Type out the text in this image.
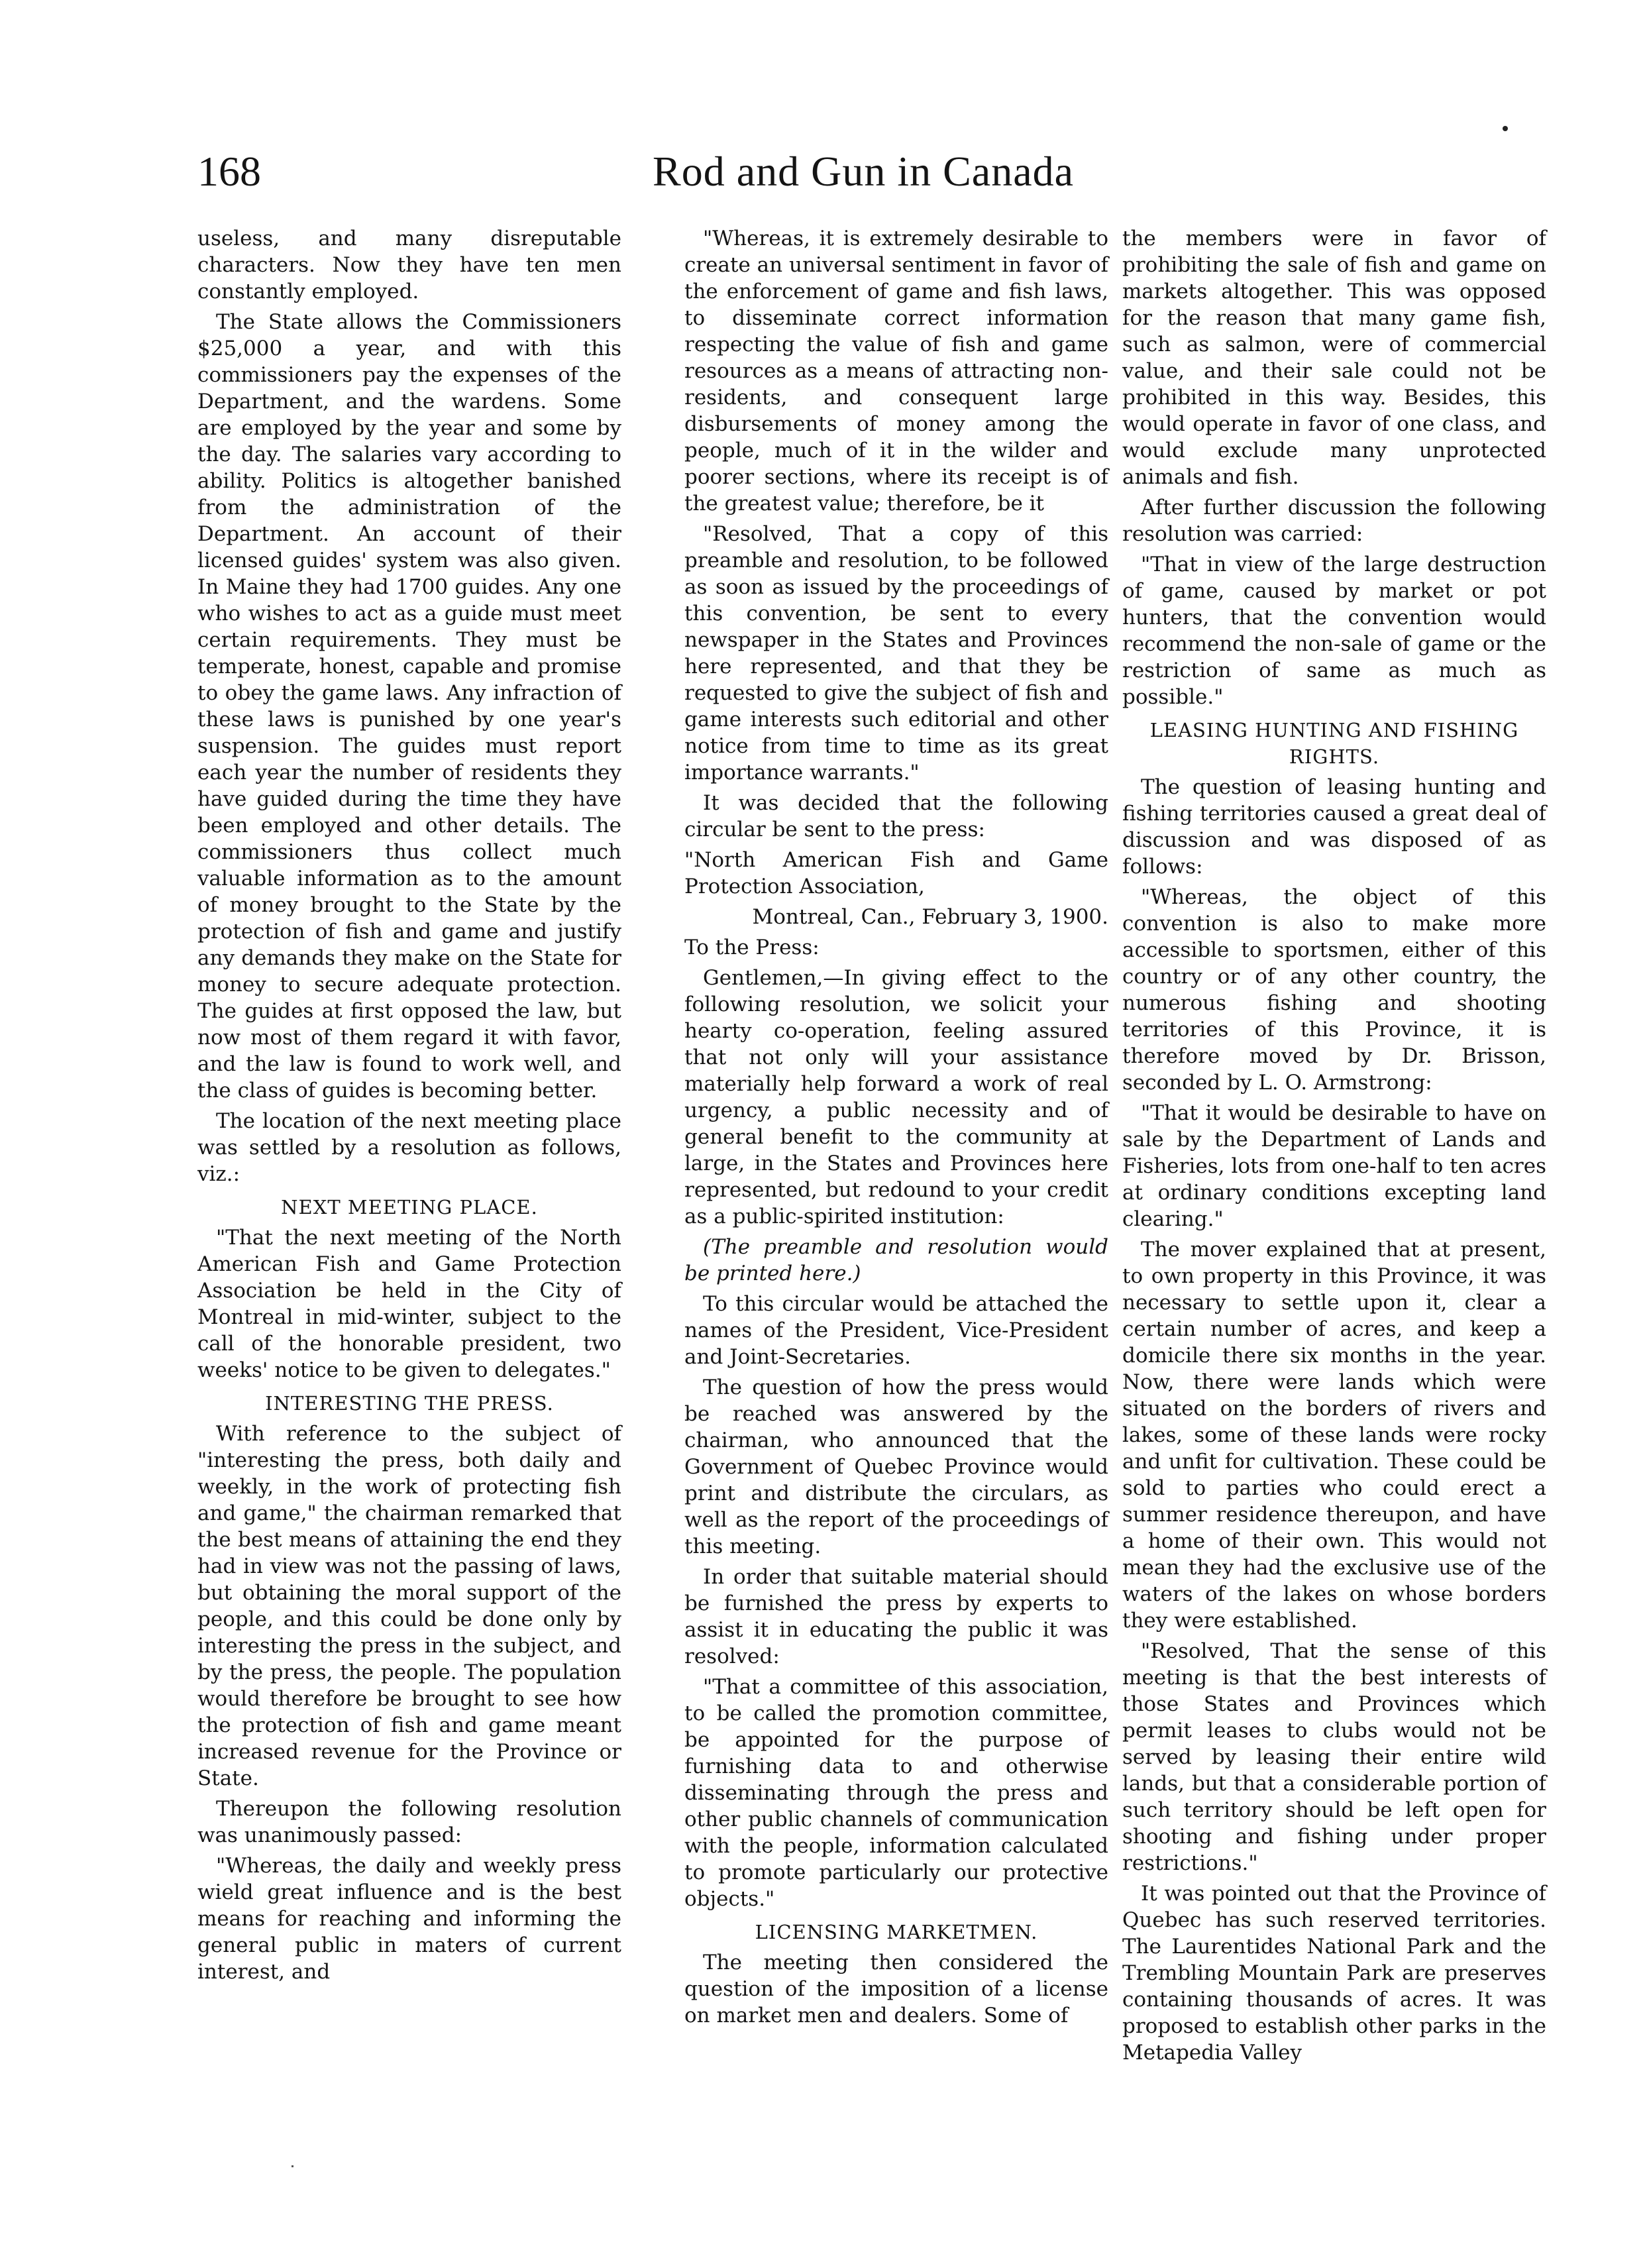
168	Rod and Gun in Canada

useless, and many disreputable characters. Now they have ten men constantly employed.

The State allows the Commissioners $25,000 a year, and with this commissioners pay the expenses of the Department, and the wardens. Some are employed by the year and some by the day. The salaries vary according to ability. Politics is altogether banished from the administration of the Department. An account of their licensed guides' system was also given. In Maine they had 1700 guides. Any one who wishes to act as a guide must meet certain requirements. They must be temperate, honest, capable and promise to obey the game laws. Any infraction of these laws is punished by one year's suspension. The guides must report each year the number of residents they have guided during the time they have been employed and other details. The commissioners thus collect much valuable information as to the amount of money brought to the State by the protection of fish and game and justify any demands they make on the State for money to secure adequate protection. The guides at first opposed the law, but now most of them regard it with favor, and the law is found to work well, and the class of guides is becoming better.

The location of the next meeting place was settled by a resolution as follows, viz.:

NEXT MEETING PLACE.

"That the next meeting of the North American Fish and Game Protection Association be held in the City of Montreal in mid-winter, subject to the call of the honorable president, two weeks' notice to be given to delegates."

INTERESTING THE PRESS.

With reference to the subject of "interesting the press, both daily and weekly, in the work of protecting fish and game," the chairman remarked that the best means of attaining the end they had in view was not the passing of laws, but obtaining the moral support of the people, and this could be done only by interesting the press in the subject, and by the press, the people. The population would therefore be brought to see how the protection of fish and game meant increased revenue for the Province or State.

Thereupon the following resolution was unanimously passed:

"Whereas, the daily and weekly press wield great influence and is the best means for reaching and informing the general public in maters of current interest, and

"Whereas, it is extremely desirable to create an universal sentiment in favor of the enforcement of game and fish laws, to disseminate correct information respecting the value of fish and game resources as a means of attracting non-residents, and consequent large disbursements of money among the people, much of it in the wilder and poorer sections, where its receipt is of the greatest value; therefore, be it

"Resolved, That a copy of this preamble and resolution, to be followed as soon as issued by the proceedings of this convention, be sent to every newspaper in the States and Provinces here represented, and that they be requested to give the subject of fish and game interests such editorial and other notice from time to time as its great importance warrants."

It was decided that the following circular be sent to the press:

"North American Fish and Game Protection Association,

Montreal, Can., February 3, 1900.

To the Press:

Gentlemen,—In giving effect to the following resolution, we solicit your hearty co-operation, feeling assured that not only will your assistance materially help forward a work of real urgency, a public necessity and of general benefit to the community at large, in the States and Provinces here represented, but redound to your credit as a public-spirited institution:

(The preamble and resolution would be printed here.)

To this circular would be attached the names of the President, Vice-President and Joint-Secretaries.

The question of how the press would be reached was answered by the chairman, who announced that the Government of Quebec Province would print and distribute the circulars, as well as the report of the proceedings of this meeting.

In order that suitable material should be furnished the press by experts to assist it in educating the public it was resolved:

"That a committee of this association, to be called the promotion committee, be appointed for the purpose of furnishing data to and otherwise disseminating through the press and other public channels of communication with the people, information calculated to promote particularly our protective objects."

LICENSING MARKETMEN.

The meeting then considered the question of the imposition of a license on market men and dealers. Some of

the members were in favor of prohibiting the sale of fish and game on markets altogether. This was opposed for the reason that many game fish, such as salmon, were of commercial value, and their sale could not be prohibited in this way. Besides, this would operate in favor of one class, and would exclude many unprotected animals and fish.

After further discussion the following resolution was carried:

"That in view of the large destruction of game, caused by market or pot hunters, that the convention would recommend the non-sale of game or the restriction of same as much as possible."

LEASING HUNTING AND FISHING RIGHTS.

The question of leasing hunting and fishing territories caused a great deal of discussion and was disposed of as follows:

"Whereas, the object of this convention is also to make more accessible to sportsmen, either of this country or of any other country, the numerous fishing and shooting territories of this Province, it is therefore moved by Dr. Brisson, seconded by L. O. Armstrong:

"That it would be desirable to have on sale by the Department of Lands and Fisheries, lots from one-half to ten acres at ordinary conditions excepting land clearing."

The mover explained that at present, to own property in this Province, it was necessary to settle upon it, clear a certain number of acres, and keep a domicile there six months in the year. Now, there were lands which were situated on the borders of rivers and lakes, some of these lands were rocky and unfit for cultivation. These could be sold to parties who could erect a summer residence thereupon, and have a home of their own. This would not mean they had the exclusive use of the waters of the lakes on whose borders they were established.

"Resolved, That the sense of this meeting is that the best interests of those States and Provinces which permit leases to clubs would not be served by leasing their entire wild lands, but that a considerable portion of such territory should be left open for shooting and fishing under proper restrictions."

It was pointed out that the Province of Quebec has such reserved territories. The Laurentides National Park and the Trembling Mountain Park are preserves containing thousands of acres. It was proposed to establish other parks in the Metapedia Valley
